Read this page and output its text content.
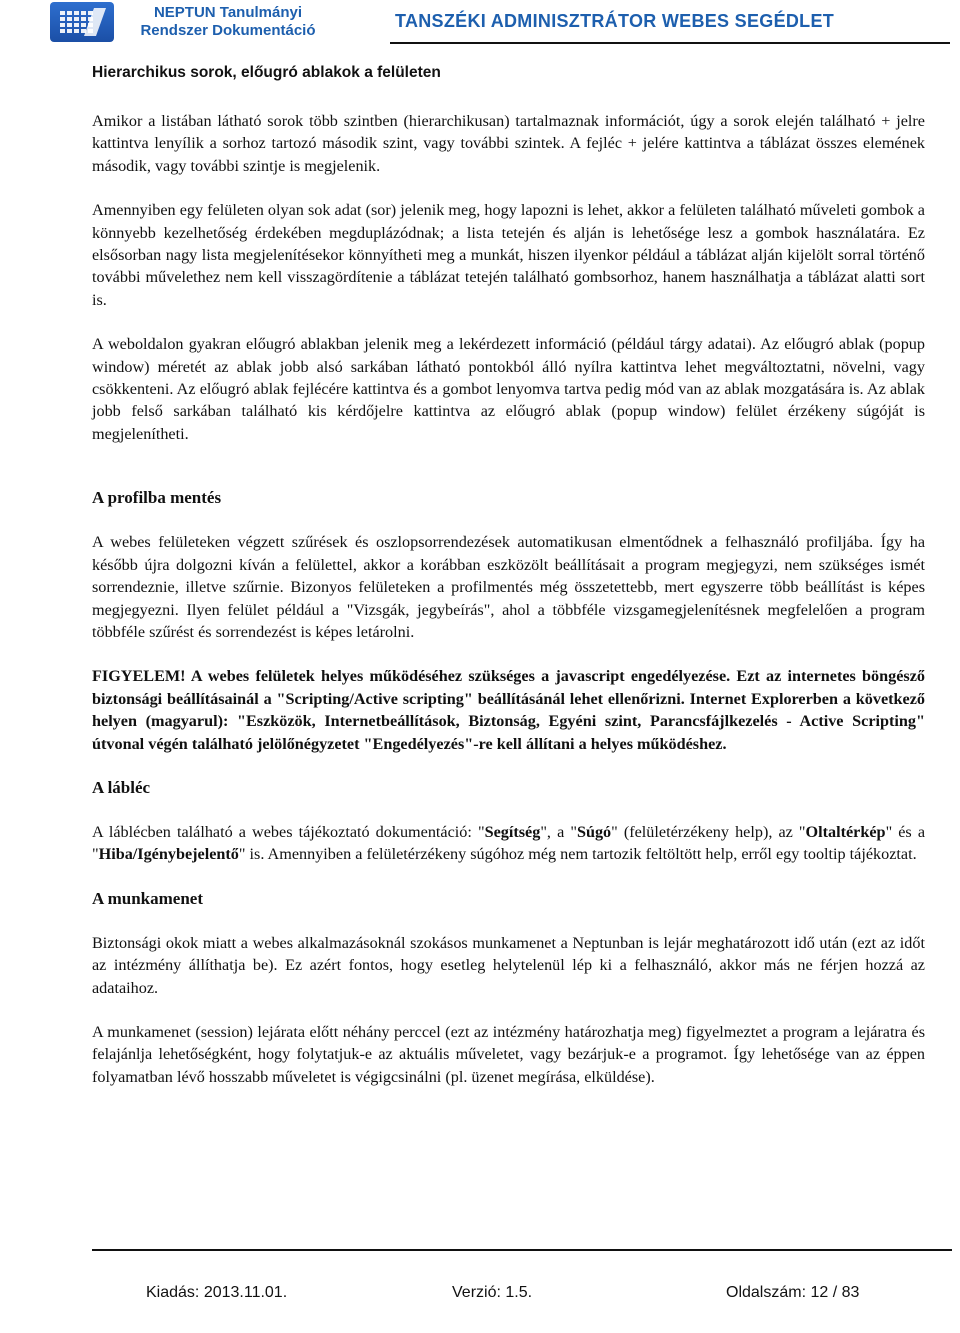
NEPTUN Tanulmányi
Rendszer Dokumentáció	TANSZÉKI ADMINISZTRÁTOR WEBES SEGÉDLET
Hierarchikus sorok, előugró ablakok a felületen

Amikor a listában látható sorok több szintben (hierarchikusan) tartalmaznak információt, úgy a sorok elején található + jelre kattintva lenyílik a sorhoz tartozó második szint, vagy további szintek. A fejléc + jelére kattintva a táblázat összes elemének második, vagy további szintje is megjelenik.

Amennyiben egy felületen olyan sok adat (sor) jelenik meg, hogy lapozni is lehet, akkor a felületen található műveleti gombok a könnyebb kezelhetőség érdekében megduplázódnak; a lista tetején és alján is lehetősége lesz a gombok használatára. Ez elsősorban nagy lista megjelenítésekor könnyítheti meg a munkát, hiszen ilyenkor például a táblázat alján kijelölt sorral történő további művelethez nem kell visszagördítenie a táblázat tetején található gombsorhoz, hanem használhatja a táblázat alatti sort is.

A weboldalon gyakran előugró ablakban jelenik meg a lekérdezett információ (például tárgy adatai). Az előugró ablak (popup window) méretét az ablak jobb alsó sarkában látható pontokból álló nyílra kattintva lehet megváltoztatni, növelni, vagy csökkenteni. Az előugró ablak fejlécére kattintva és a gombot lenyomva tartva pedig mód van az ablak mozgatására is. Az ablak jobb felső sarkában található kis kérdőjelre kattintva az előugró ablak (popup window) felület érzékeny súgóját is megjelenítheti.

A profilba mentés

A webes felületeken végzett szűrések és oszlopsorrendezések automatikusan elmentődnek a felhasználó profiljába. Így ha később újra dolgozni kíván a felülettel, akkor a korábban eszközölt beállításait a program megjegyzi, nem szükséges ismét sorrendeznie, illetve szűrnie. Bizonyos felületeken a profilmentés még összetettebb, mert egyszerre több beállítást is képes megjegyezni. Ilyen felület például a "Vizsgák, jegybeírás", ahol a többféle vizsgamegjelenítésnek megfelelően a program többféle szűrést és sorrendezést is képes letárolni.

FIGYELEM! A webes felületek helyes működéséhez szükséges a javascript engedélyezése. Ezt az internetes böngésző biztonsági beállításainál a "Scripting/Active scripting" beállításánál lehet ellenőrizni. Internet Explorerben a következő helyen (magyarul): "Eszközök, Internetbeállítások, Biztonság, Egyéni szint, Parancsfájlkezelés - Active Scripting" útvonal végén található jelölőnégyzetet "Engedélyezés"-re kell állítani a helyes működéshez.

A lábléc

A láblécben található a webes tájékoztató dokumentáció: "Segítség", a "Súgó" (felületérzékeny help), az "Oltaltérkép" és a "Hiba/Igénybejelentő" is. Amennyiben a felületérzékeny súgóhoz még nem tartozik feltöltött help, erről egy tooltip tájékoztat.

A munkamenet

Biztonsági okok miatt a webes alkalmazásoknál szokásos munkamenet a Neptunban is lejár meghatározott idő után (ezt az időt az intézmény állíthatja be). Ez azért fontos, hogy esetleg helytelenül lép ki a felhasználó, akkor más ne férjen hozzá az adataihoz.

A munkamenet (session) lejárata előtt néhány perccel (ezt az intézmény határozhatja meg) figyelmeztet a program a lejáratra és felajánlja lehetőségként, hogy folytatjuk-e az aktuális műveletet, vagy bezárjuk-e a programot. Így lehetősége van az éppen folyamatban lévő hosszabb műveletet is végigcsinálni (pl. üzenet megírása, elküldése).

Kiadás: 2013.11.01.	Verzió: 1.5.	Oldalszám: 12 / 83
